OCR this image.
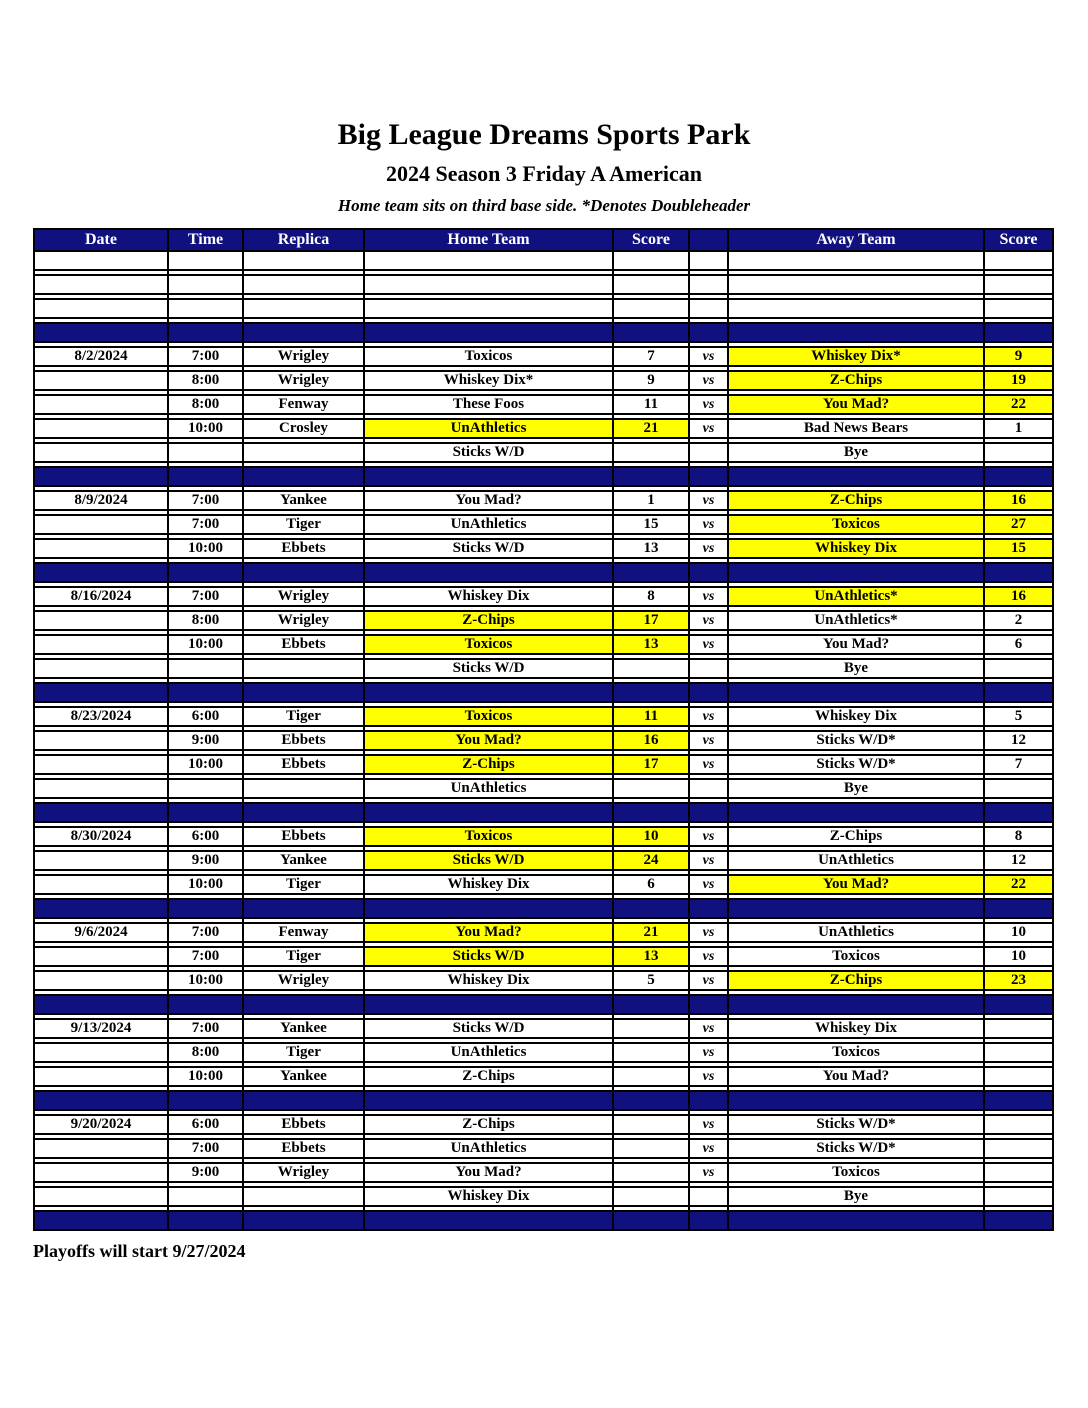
Big League Dreams Sports Park
2024 Season 3 Friday A American

Home team sits on third base side. *Denotes Doubleheader

Date	Time	Replica	Home Team	Score		Away Team	Score

8/2/2024	7:00	Wrigley	Toxicos	7	vs	Whiskey Dix*	9

	8:00	Wrigley	Whiskey Dix*	9	vs	Z-Chips	19

	8:00	Fenway	These Foos	11	vs	You Mad?	22

	10:00	Crosley	UnAthletics	21	vs	Bad News Bears	1

			Sticks W/D			Bye	

8/9/2024	7:00	Yankee	You Mad?	1	vs	Z-Chips	16

	7:00	Tiger	UnAthletics	15	vs	Toxicos	27

	10:00	Ebbets	Sticks W/D	13	vs	Whiskey Dix	15

8/16/2024	7:00	Wrigley	Whiskey Dix	8	vs	UnAthletics*	16

	8:00	Wrigley	Z-Chips	17	vs	UnAthletics*	2

	10:00	Ebbets	Toxicos	13	vs	You Mad?	6

			Sticks W/D			Bye	

8/23/2024	6:00	Tiger	Toxicos	11	vs	Whiskey Dix	5

	9:00	Ebbets	You Mad?	16	vs	Sticks W/D*	12

	10:00	Ebbets	Z-Chips	17	vs	Sticks W/D*	7

			UnAthletics			Bye	

8/30/2024	6:00	Ebbets	Toxicos	10	vs	Z-Chips	8

	9:00	Yankee	Sticks W/D	24	vs	UnAthletics	12

	10:00	Tiger	Whiskey Dix	6	vs	You Mad?	22

9/6/2024	7:00	Fenway	You Mad?	21	vs	UnAthletics	10

	7:00	Tiger	Sticks W/D	13	vs	Toxicos	10

	10:00	Wrigley	Whiskey Dix	5	vs	Z-Chips	23

9/13/2024	7:00	Yankee	Sticks W/D		vs	Whiskey Dix	

	8:00	Tiger	UnAthletics		vs	Toxicos	

	10:00	Yankee	Z-Chips		vs	You Mad?	

9/20/2024	6:00	Ebbets	Z-Chips		vs	Sticks W/D*	

	7:00	Ebbets	UnAthletics		vs	Sticks W/D*	

	9:00	Wrigley	You Mad?		vs	Toxicos	

			Whiskey Dix			Bye	

Playoffs will start 9/27/2024
